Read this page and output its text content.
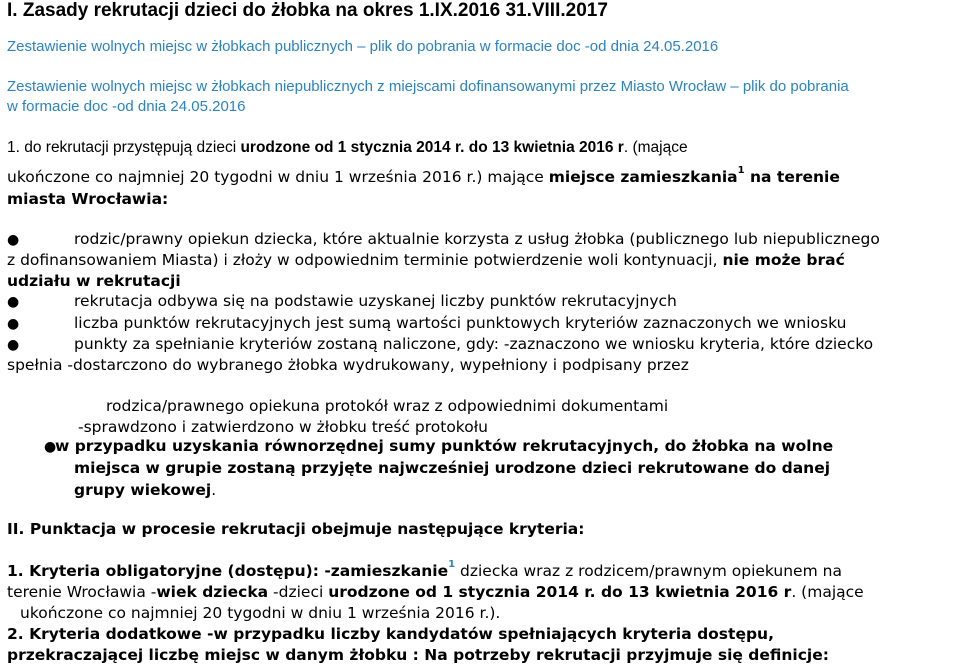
I. Zasady rekrutacji dzieci do żłobka na okres 1.IX.2016 31.VIII.2017
Zestawienie wolnych miejsc w żłobkach publicznych – plik do pobrania w formacie doc -od dnia 24.05.2016
Zestawienie wolnych miejsc w żłobkach niepublicznych z miejscami dofinansowanymi przez Miasto Wrocław – plik do pobrania
w formacie doc -od dnia 24.05.2016
1. do rekrutacji przystępują dzieci urodzone od 1 stycznia 2014 r. do 13 kwietnia 2016 r. (mające
ukończone co najmniej 20 tygodni w dniu 1 września 2016 r.) mające miejsce zamieszkania$^1$ na terenie
miasta Wrocławia:
●	rodzic/prawny opiekun dziecka, które aktualnie korzysta z usług żłobka (publicznego lub niepublicznego
z dofinansowaniem Miasta) i złoży w odpowiednim terminie potwierdzenie woli kontynuacji, nie może brać
udziału w rekrutacji
●	rekrutacja odbywa się na podstawie uzyskanej liczby punktów rekrutacyjnych
●	liczba punktów rekrutacyjnych jest sumą wartości punktowych kryteriów zaznaczonych we wniosku
●	punkty za spełnianie kryteriów zostaną naliczone, gdy: -zaznaczono we wniosku kryteria, które dziecko
spełnia -dostarczono do wybranego żłobka wydrukowany, wypełniony i podpisany przez
rodzica/prawnego opiekuna protokół wraz z odpowiednimi dokumentami
-sprawdzono i zatwierdzono w żłobku treść protokołu
●
w przypadku uzyskania równorzędnej sumy punktów rekrutacyjnych, do żłobka na wolne
miejsca w grupie zostaną przyjęte najwcześniej urodzone dzieci rekrutowane do danej
grupy wiekowej.
II. Punktacja w procesie rekrutacji obejmuje następujące kryteria:
1. Kryteria obligatoryjne (dostępu): -zamieszkanie$^1$ dziecka wraz z rodzicem/prawnym opiekunem na
terenie Wrocławia -wiek dziecka -dzieci urodzone od 1 stycznia 2014 r. do 13 kwietnia 2016 r. (mające
ukończone co najmniej 20 tygodni w dniu 1 września 2016 r.).
2. Kryteria dodatkowe -w przypadku liczby kandydatów spełniających kryteria dostępu,
przekraczającej liczbę miejsc w danym żłobku : Na potrzeby rekrutacji przyjmuje się definicje:
